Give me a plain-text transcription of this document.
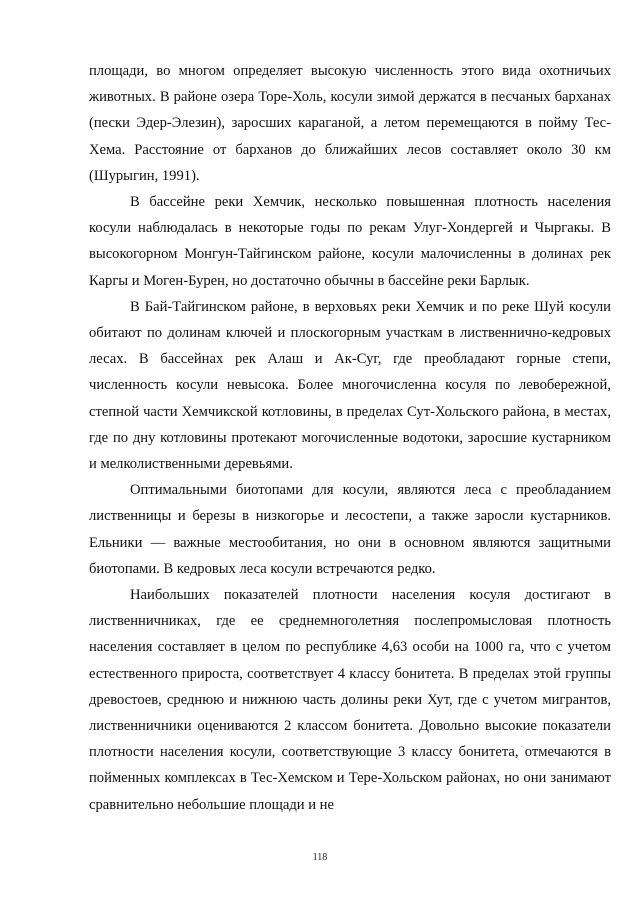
площади, во многом определяет высокую численность этого вида охотничьих животных. В районе озера Торе-Холь, косули зимой держатся в песчаных барханах (пески Эдер-Элезин), заросших караганой, а летом перемещаются в пойму Тес-Хема. Расстояние от барханов до ближайших лесов составляет около 30 км (Шурыгин, 1991).

В бассейне реки Хемчик, несколько повышенная плотность населения косули наблюдалась в некоторые годы по рекам Улуг-Хондергей и Чыргакы. В высокогорном Монгун-Тайгинском районе, косули малочисленны в долинах рек Каргы и Моген-Бурен, но достаточно обычны в бассейне реки Барлык.

В Бай-Тайгинском районе, в верховьях реки Хемчик и по реке Шуй косули обитают по долинам ключей и плоскогорным участкам в лиственнично-кедровых лесах. В бассейнах рек Алаш и Ак-Суг, где преобладают горные степи, численность косули невысока. Более многочисленна косуля по левобережной, степной части Хемчикской котловины, в пределах Сут-Хольского района, в местах, где по дну котловины протекают могочисленные водотоки, заросшие кустарником и мелколиственными деревьями.

Оптимальными биотопами для косули, являются леса с преобладанием лиственницы и березы в низкогорье и лесостепи, а также заросли кустарников. Ельники — важные местообитания, но они в основном являются защитными биотопами. В кедровых леса косули встречаются редко.

Наибольших показателей плотности населения косуля достигают в лиственничниках, где ее среднемноголетняя послепромысловая плотность населения составляет в целом по республике 4,63 особи на 1000 га, что с учетом естественного прироста, соответствует 4 классу бонитета. В пределах этой группы древостоев, среднюю и нижнюю часть долины реки Хут, где с учетом мигрантов, лиственничники оцениваются 2 классом бонитета. Довольно высокие показатели плотности населения косули, соответствующие 3 классу бонитета, отмечаются в пойменных комплексах в Тес-Хемском и Тере-Хольском районах, но они занимают сравнительно небольшие площади и не

118
